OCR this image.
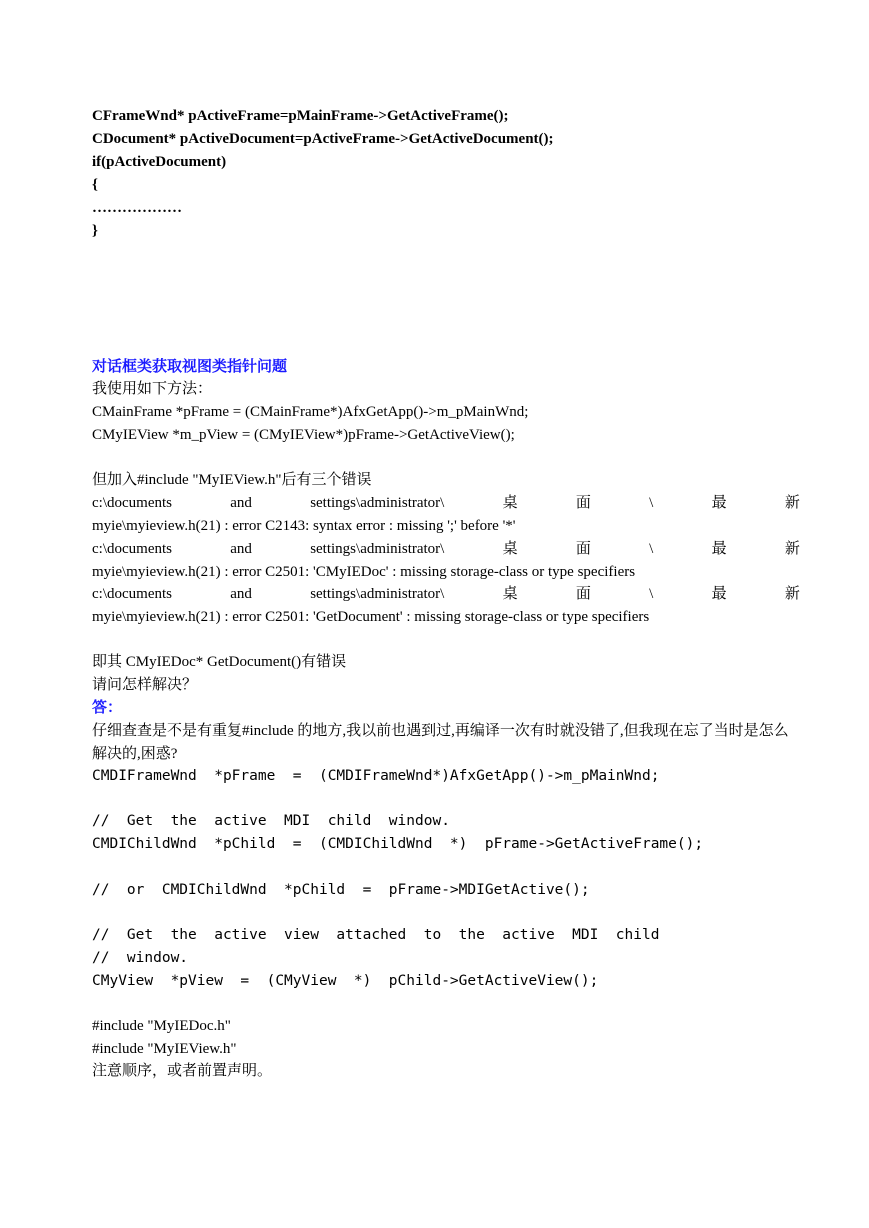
CFrameWnd* pActiveFrame=pMainFrame->GetActiveFrame();
CDocument* pActiveDocument=pActiveFrame->GetActiveDocument();
if(pActiveDocument)
{
………………
}
对话框类获取视图类指针问题
我使用如下方法：
CMainFrame *pFrame = (CMainFrame*)AfxGetApp()->m_pMainWnd;
CMyIEView *m_pView = (CMyIEView*)pFrame->GetActiveView();
但加入#include "MyIEView.h"后有三个错误
c:\documents	and	settings\administrator\	桌	面	\	最	新
myie\myieview.h(21) : error C2143: syntax error : missing ';' before '*'
c:\documents	and	settings\administrator\	桌	面	\	最	新
myie\myieview.h(21) : error C2501: 'CMyIEDoc' : missing storage-class or type specifiers
c:\documents	and	settings\administrator\	桌	面	\	最	新
myie\myieview.h(21) : error C2501: 'GetDocument' : missing storage-class or type specifiers
即其 CMyIEDoc* GetDocument()有错误
请问怎样解决？
答：
仔细查查是不是有重复#include 的地方,我以前也遇到过,再编译一次有时就没错了,但我现在忘了当时是怎么解决的,困惑?
CMDIFrameWnd  *pFrame  =  (CMDIFrameWnd*)AfxGetApp()->m_pMainWnd;
//  Get  the  active  MDI  child  window.
CMDIChildWnd  *pChild  =  (CMDIChildWnd  *)  pFrame->GetActiveFrame();
//  or  CMDIChildWnd  *pChild  =  pFrame->MDIGetActive();
//  Get  the  active  view  attached  to  the  active  MDI  child
//  window.
CMyView  *pView  =  (CMyView  *)  pChild->GetActiveView();
#include "MyIEDoc.h"
#include "MyIEView.h"
注意顺序，或者前置声明。
